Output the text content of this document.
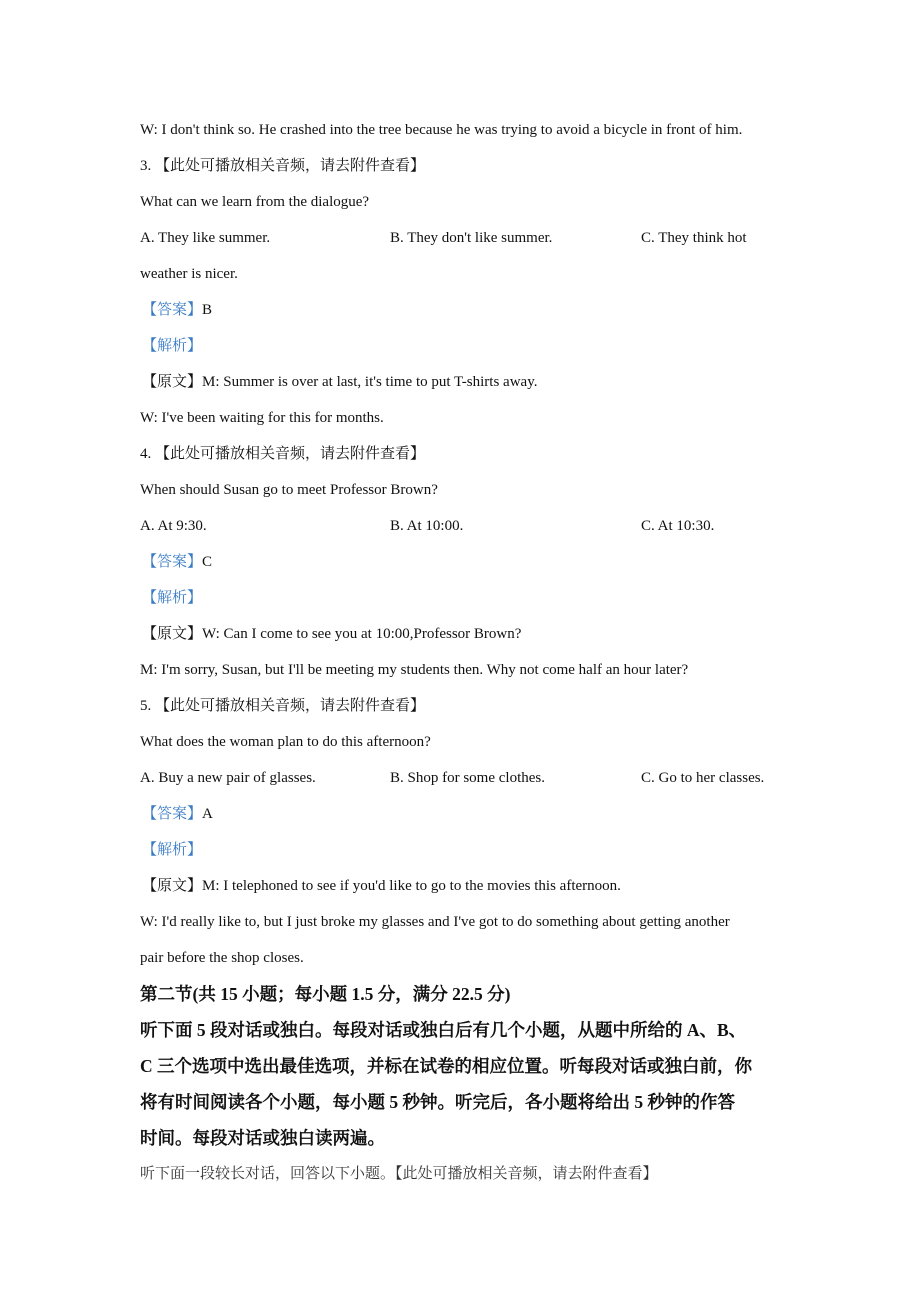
W: I don't think so. He crashed into the tree because he was trying to avoid a bicycle in front of him.
3. 【此处可播放相关音频，请去附件查看】
What can we learn from the dialogue?
A. They like summer.	B. They don't like summer.	C. They think hot
weather is nicer.
【答案】B
【解析】
【原文】M: Summer is over at last, it's time to put T-shirts away.
W: I've been waiting for this for months.
4. 【此处可播放相关音频，请去附件查看】
When should Susan go to meet Professor Brown?
A. At 9:30.	B. At 10:00.	C. At 10:30.
【答案】C
【解析】
【原文】W: Can I come to see you at 10:00,Professor Brown?
M: I'm sorry, Susan, but I'll be meeting my students then. Why not come half an hour later?
5. 【此处可播放相关音频，请去附件查看】
What does the woman plan to do this afternoon?
A. Buy a new pair of glasses.	B. Shop for some clothes.	C. Go to her classes.
【答案】A
【解析】
【原文】M: I telephoned to see if you'd like to go to the movies this afternoon.
W: I'd really like to, but I just broke my glasses and I've got to do something about getting another
pair before the shop closes.
第二节(共 15 小题；每小题 1.5 分，满分 22.5 分)
听下面 5 段对话或独白。每段对话或独白后有几个小题，从题中所给的 A、B、
C 三个选项中选出最佳选项，并标在试卷的相应位置。听每段对话或独白前，你
将有时间阅读各个小题，每小题 5 秒钟。听完后，各小题将给出 5 秒钟的作答
时间。每段对话或独白读两遍。
听下面一段较长对话，回答以下小题。【此处可播放相关音频，请去附件查看】
